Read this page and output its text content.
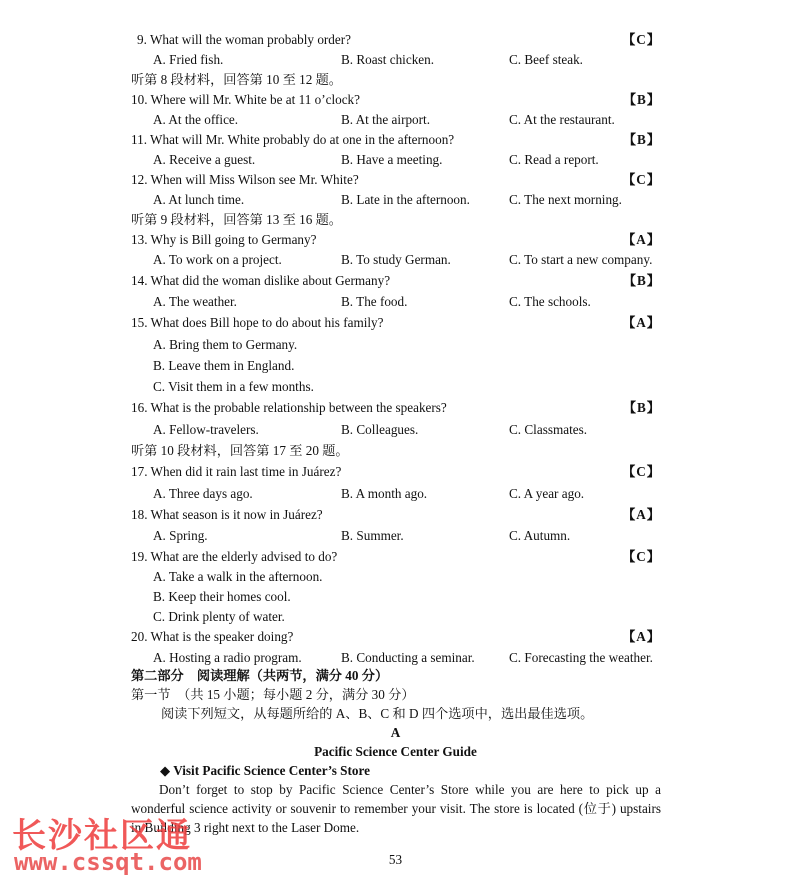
9. What will the woman probably order?	【C】
A. Fried fish.	B. Roast chicken.	C. Beef steak.
听第 8 段材料，回答第 10 至 12 题。
10. Where will Mr. White be at 11 o’clock?	【B】
A. At the office.	B. At the airport.	C. At the restaurant.
11. What will Mr. White probably do at one in the afternoon?	【B】
A. Receive a guest.	B. Have a meeting.	C. Read a report.
12. When will Miss Wilson see Mr. White?	【C】
A. At lunch time.	B. Late in the afternoon.	C. The next morning.
听第 9 段材料，回答第 13 至 16 题。
13. Why is Bill going to Germany?	【A】
A. To work on a project.	B. To study German.	C. To start a new company.
14. What did the woman dislike about Germany?	【B】
A. The weather.	B. The food.	C. The schools.
15. What does Bill hope to do about his family?	【A】
A. Bring them to Germany.
B. Leave them in England.
C. Visit them in a few months.
16. What is the probable relationship between the speakers?	【B】
A. Fellow-travelers.	B. Colleagues.	C. Classmates.
听第 10 段材料，回答第 17 至 20 题。
17. When did it rain last time in Juárez?	【C】
A. Three days ago.	B. A month ago.	C. A year ago.
18. What season is it now in Juárez?	【A】
A. Spring.	B. Summer.	C. Autumn.
19. What are the elderly advised to do?	【C】
A. Take a walk in the afternoon.
B. Keep their homes cool.
C. Drink plenty of water.
20. What is the speaker doing?	【A】
A. Hosting a radio program.	B. Conducting a seminar.	C. Forecasting the weather.
第二部分　阅读理解（共两节，满分 40 分）
第一节　（共 15 小题；每小题 2 分，满分 30 分）
阅读下列短文，从每题所给的 A、B、C 和 D 四个选项中，选出最佳选项。
A
Pacific Science Center Guide
◆ Visit Pacific Science Center’s Store
Don’t forget to stop by Pacific Science Center’s Store while you are here to pick up a wonderful science activity or souvenir to remember your visit. The store is located (位于) upstairs in Building 3 right next to the Laser Dome.
53
长沙社区通
www.cssqt.com
